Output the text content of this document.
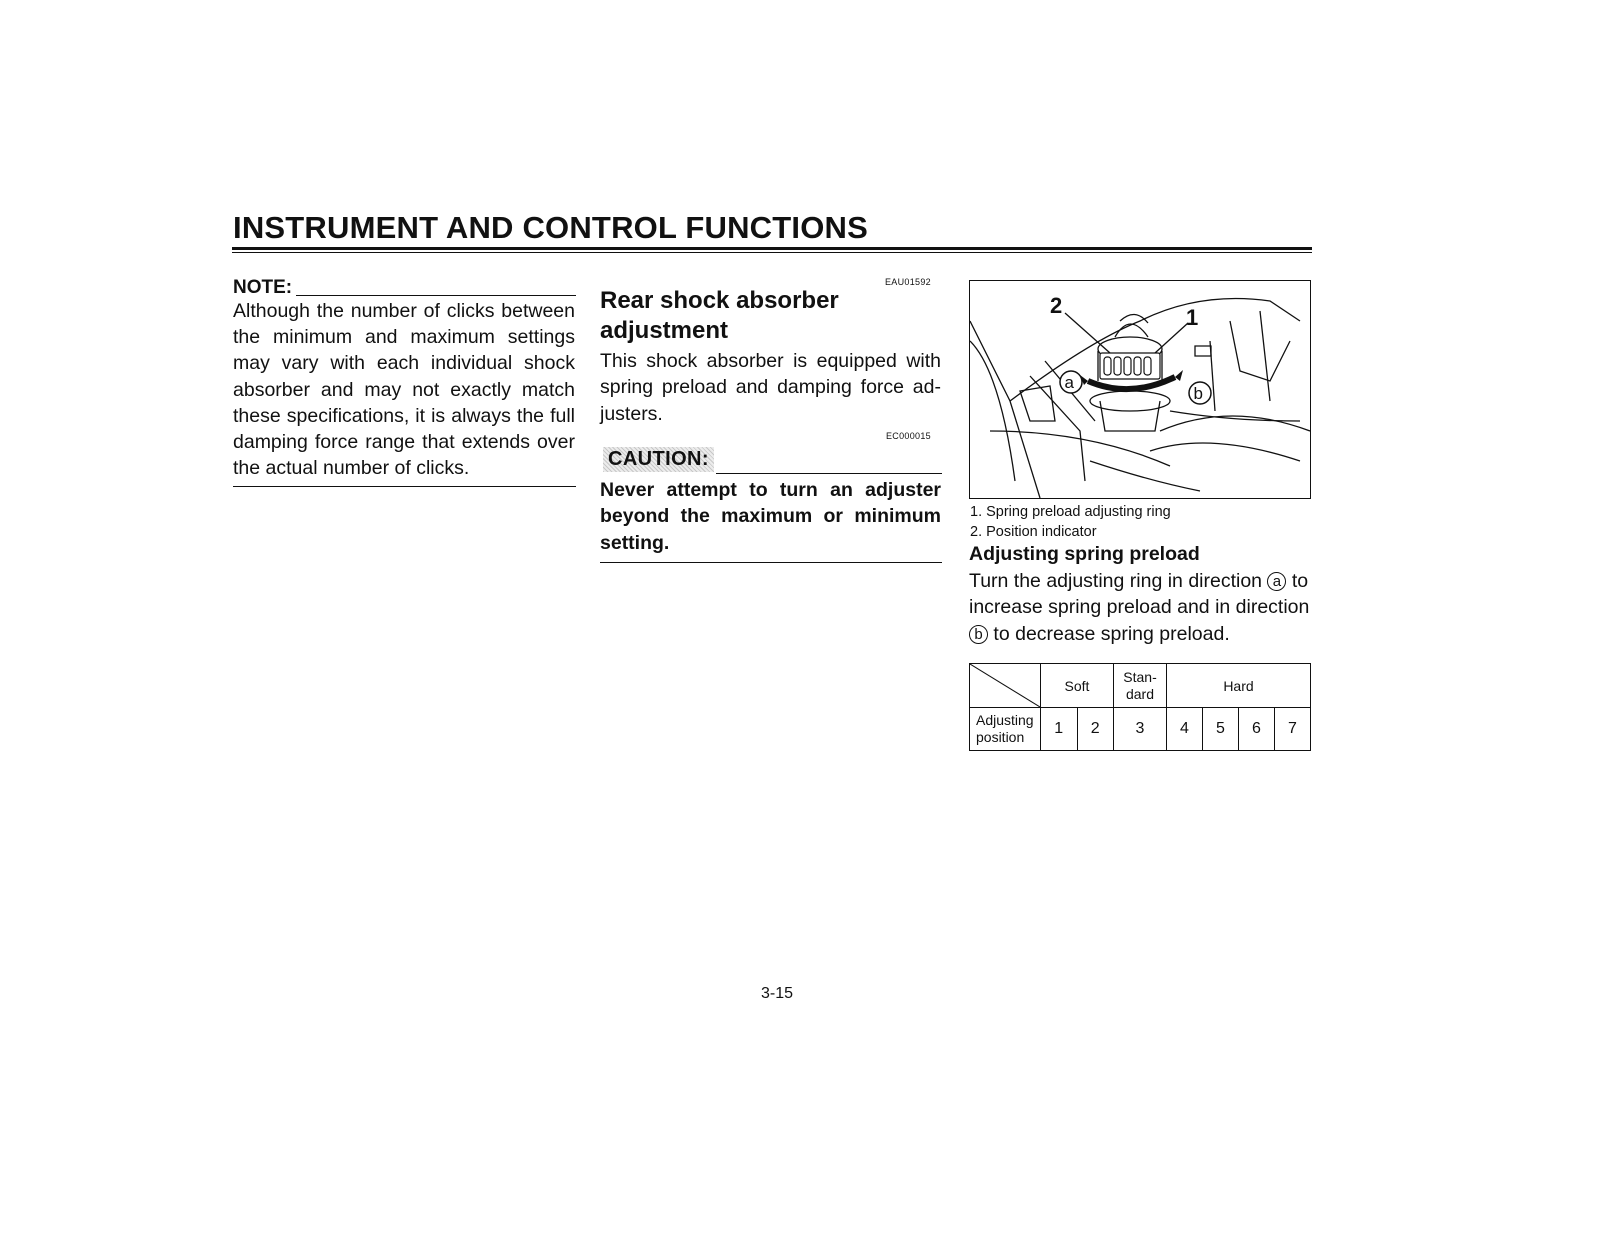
INSTRUMENT AND CONTROL FUNCTIONS
NOTE:

Although the number of clicks between the minimum and maximum settings may vary with each individual shock absorber and may not exactly match these specifications, it is always the full damping force range that extends over the actual number of clicks.

EAU01592
Rear shock absorber adjustment
This shock absorber is equipped with spring preload and damping force ad-justers.
EC000015
CAUTION:
Never attempt to turn an adjuster beyond the maximum or minimum setting.
2	1
a
b
1. Spring preload adjusting ring
2. Position indicator
Adjusting spring preload
Turn the adjusting ring in direction a to increase spring preload and in direction b to decrease spring preload.
	Soft		Stan-dard	Hard			
Adjusting position	1	2	3	4	5	6	7
3-15
